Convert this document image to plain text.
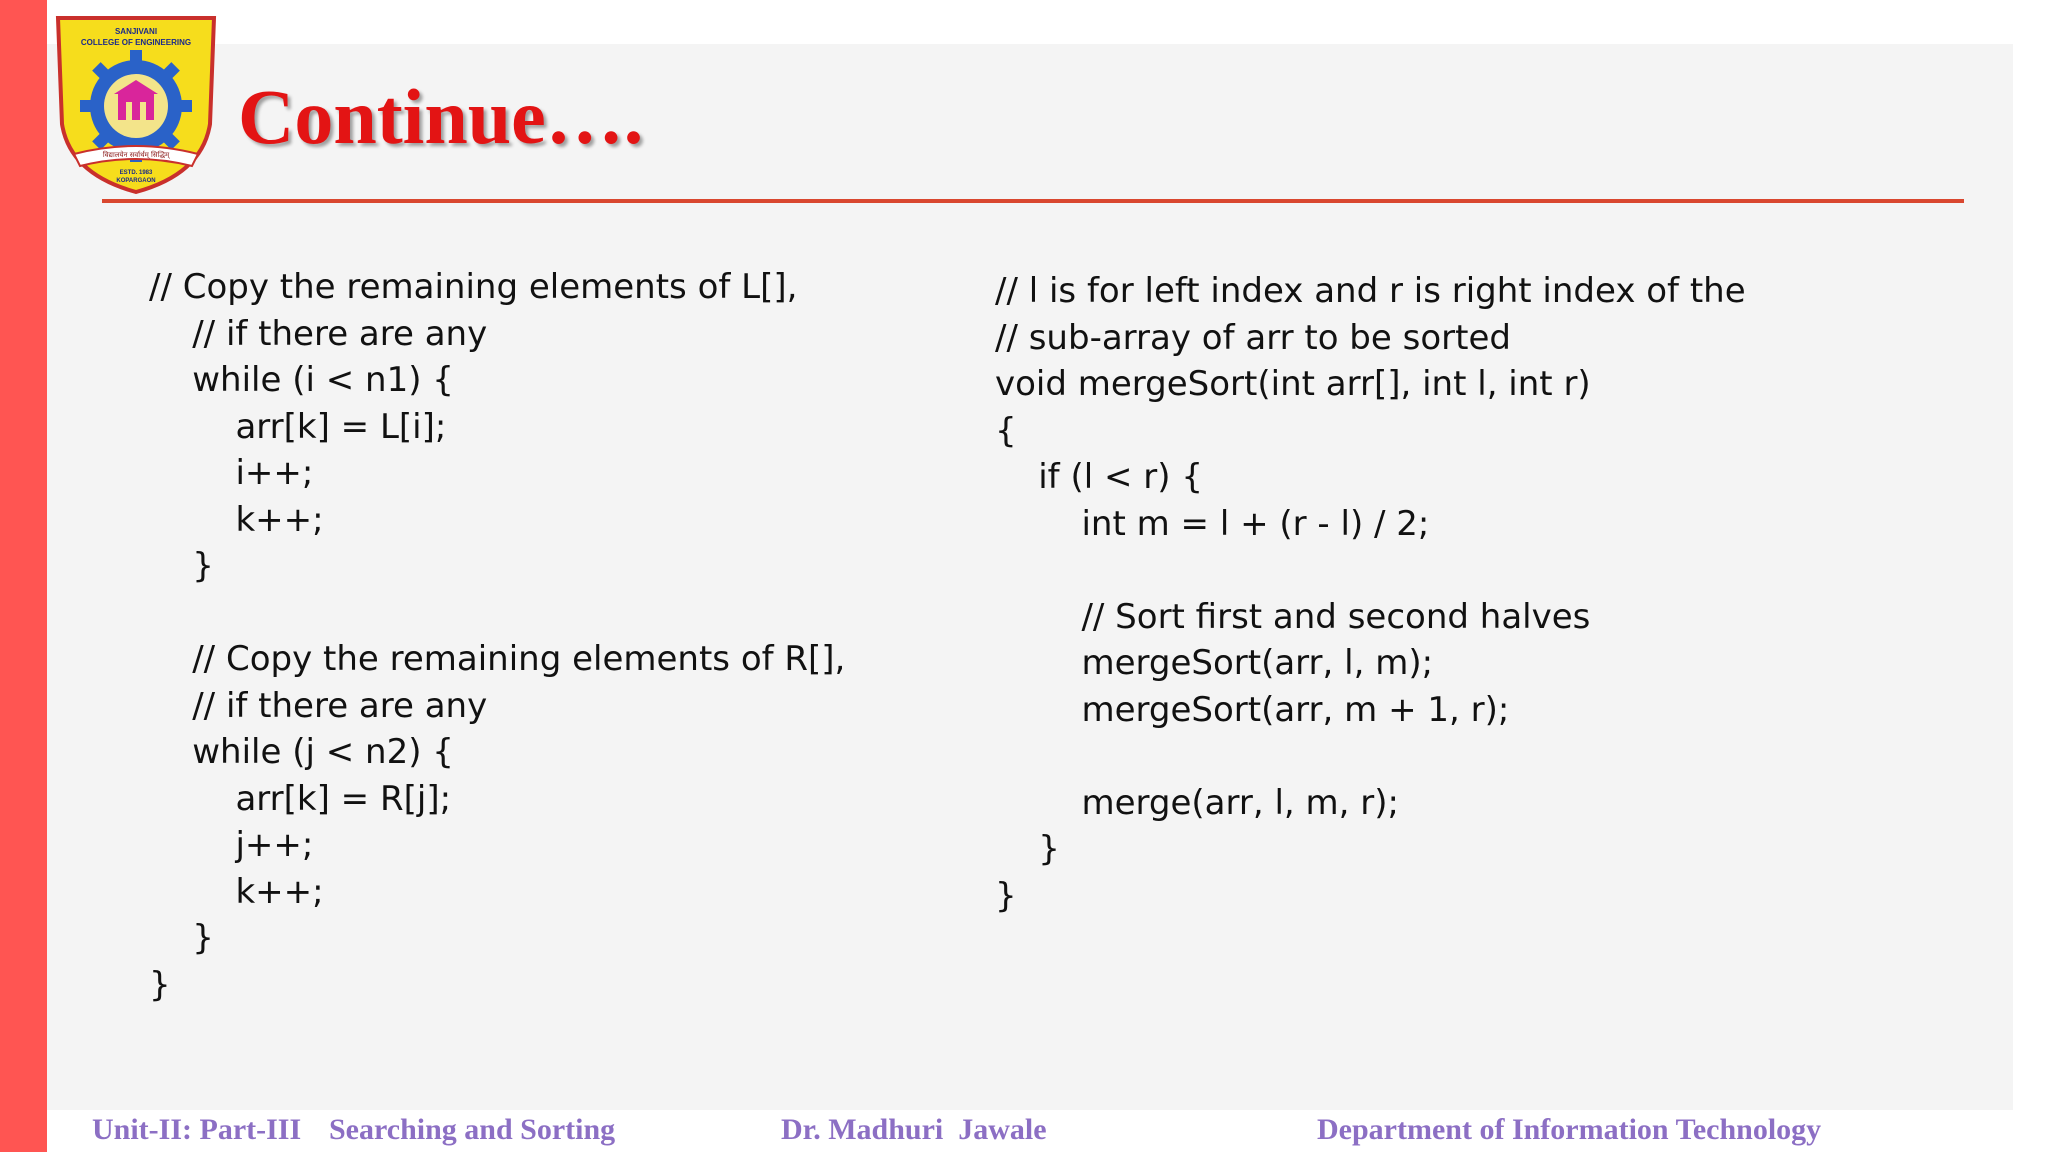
SANJIVANI
COLLEGE OF ENGINEERING
विद्यालयेन सर्वार्थम् सिद्धिम्
ESTD. 1983
KOPARGAON
Continue….
// Copy the remaining elements of L[],
// if there are any
while (i < n1) {
arr[k] = L[i];
i++;
k++;
}
// Copy the remaining elements of R[],
// if there are any
while (j < n2) {
arr[k] = R[j];
j++;
k++;
}
}
// l is for left index and r is right index of the
// sub-array of arr to be sorted
void mergeSort(int arr[], int l, int r)
{
if (l < r) {
int m = l + (r - l) / 2;
// Sort first and second halves
mergeSort(arr, l, m);
mergeSort(arr, m + 1, r);
merge(arr, l, m, r);
}
}
Unit-II: Part-III Searching and Sorting	Dr. Madhuri  Jawale	Department of Information Technology
